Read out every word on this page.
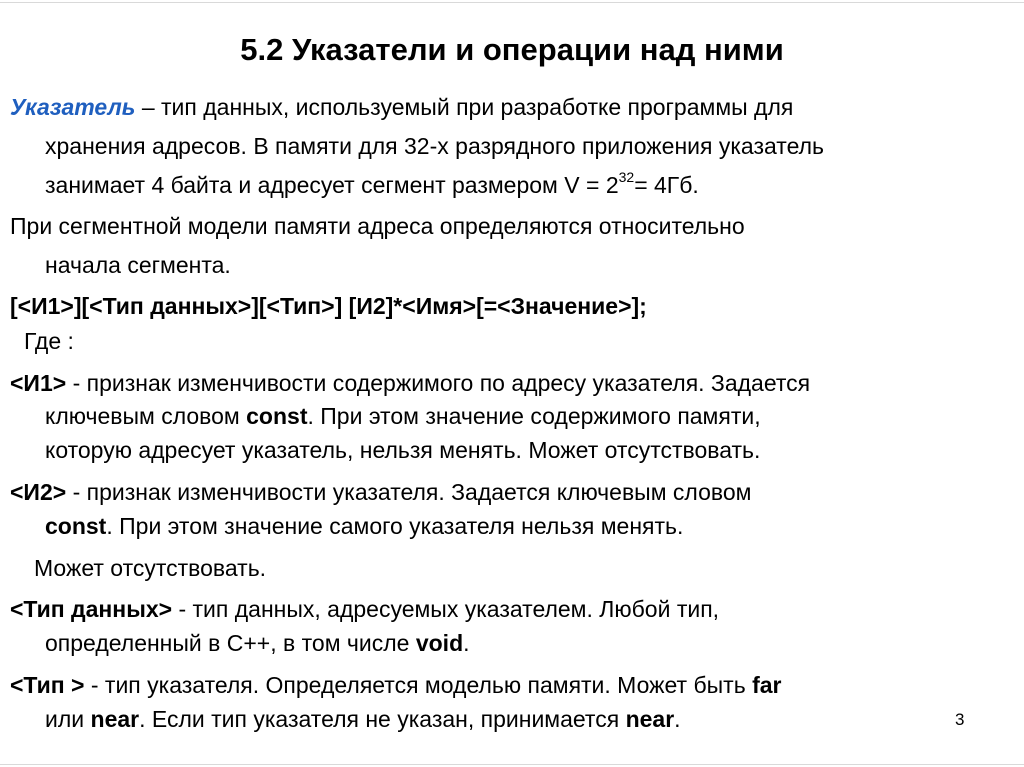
5.2 Указатели и операции над ними
Указатель – тип данных, используемый при разработке программы для
хранения адресов. В памяти для 32-х разрядного приложения указатель
занимает 4 байта и адресует сегмент размером $V = 2^{32}= 4Гб$.
При сегментной модели памяти адреса определяются относительно
начала сегмента.
[<И1>][<Тип данных>][<Тип>] [И2]*<Имя>[=<Значение>];
Где :
<И1> - признак изменчивости содержимого по адресу указателя. Задается
ключевым словом const. При этом значение содержимого памяти,
которую адресует указатель, нельзя менять. Может отсутствовать.
<И2> - признак изменчивости указателя. Задается ключевым словом
const. При этом значение самого указателя нельзя менять.
Может отсутствовать.
<Тип данных> - тип данных, адресуемых указателем. Любой тип,
определенный в С++, в том числе void.
<Тип > - тип указателя. Определяется моделью памяти. Может быть far
или near. Если тип указателя не указан, принимается near.	3
